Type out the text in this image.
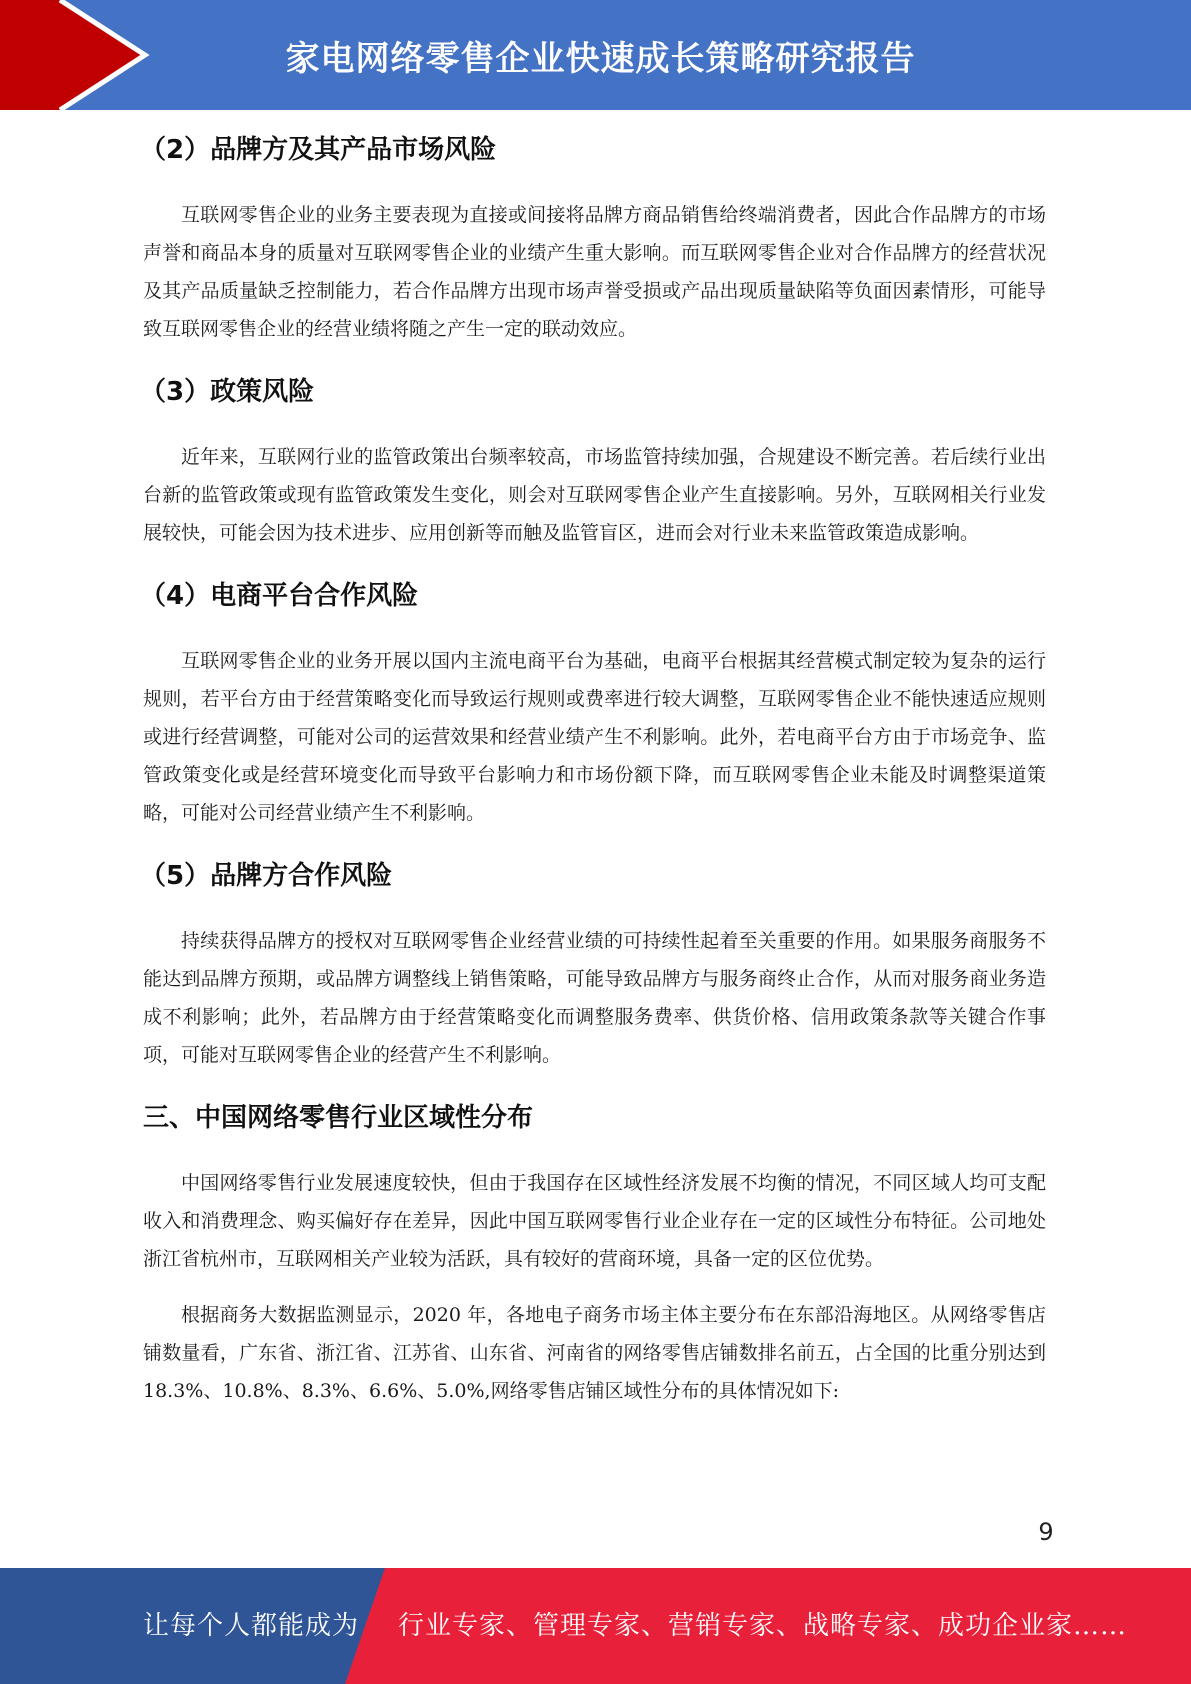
家电网络零售企业快速成长策略研究报告
（2）品牌方及其产品市场风险

互联网零售企业的业务主要表现为直接或间接将品牌方商品销售给终端消费者，因此合作品牌方的市场声誉和商品本身的质量对互联网零售企业的业绩产生重大影响。而互联网零售企业对合作品牌方的经营状况及其产品质量缺乏控制能力，若合作品牌方出现市场声誉受损或产品出现质量缺陷等负面因素情形，可能导致互联网零售企业的经营业绩将随之产生一定的联动效应。

（3）政策风险

近年来，互联网行业的监管政策出台频率较高，市场监管持续加强，合规建设不断完善。若后续行业出台新的监管政策或现有监管政策发生变化，则会对互联网零售企业产生直接影响。另外，互联网相关行业发展较快，可能会因为技术进步、应用创新等而触及监管盲区，进而会对行业未来监管政策造成影响。

（4）电商平台合作风险

互联网零售企业的业务开展以国内主流电商平台为基础，电商平台根据其经营模式制定较为复杂的运行规则，若平台方由于经营策略变化而导致运行规则或费率进行较大调整，互联网零售企业不能快速适应规则或进行经营调整，可能对公司的运营效果和经营业绩产生不利影响。此外，若电商平台方由于市场竞争、监管政策变化或是经营环境变化而导致平台影响力和市场份额下降，而互联网零售企业未能及时调整渠道策略，可能对公司经营业绩产生不利影响。

（5）品牌方合作风险

持续获得品牌方的授权对互联网零售企业经营业绩的可持续性起着至关重要的作用。如果服务商服务不能达到品牌方预期，或品牌方调整线上销售策略，可能导致品牌方与服务商终止合作，从而对服务商业务造成不利影响；此外，若品牌方由于经营策略变化而调整服务费率、供货价格、信用政策条款等关键合作事项，可能对互联网零售企业的经营产生不利影响。

三、中国网络零售行业区域性分布

中国网络零售行业发展速度较快，但由于我国存在区域性经济发展不均衡的情况，不同区域人均可支配收入和消费理念、购买偏好存在差异，因此中国互联网零售行业企业存在一定的区域性分布特征。公司地处浙江省杭州市，互联网相关产业较为活跃，具有较好的营商环境，具备一定的区位优势。

根据商务大数据监测显示，2020 年，各地电子商务市场主体主要分布在东部沿海地区。从网络零售店铺数量看，广东省、浙江省、江苏省、山东省、河南省的网络零售店铺数排名前五，占全国的比重分别达到 18.3%、10.8%、8.3%、6.6%、5.0%,网络零售店铺区域性分布的具体情况如下:

9
让每个人都能成为 行业专家、管理专家、营销专家、战略专家、成功企业家……
